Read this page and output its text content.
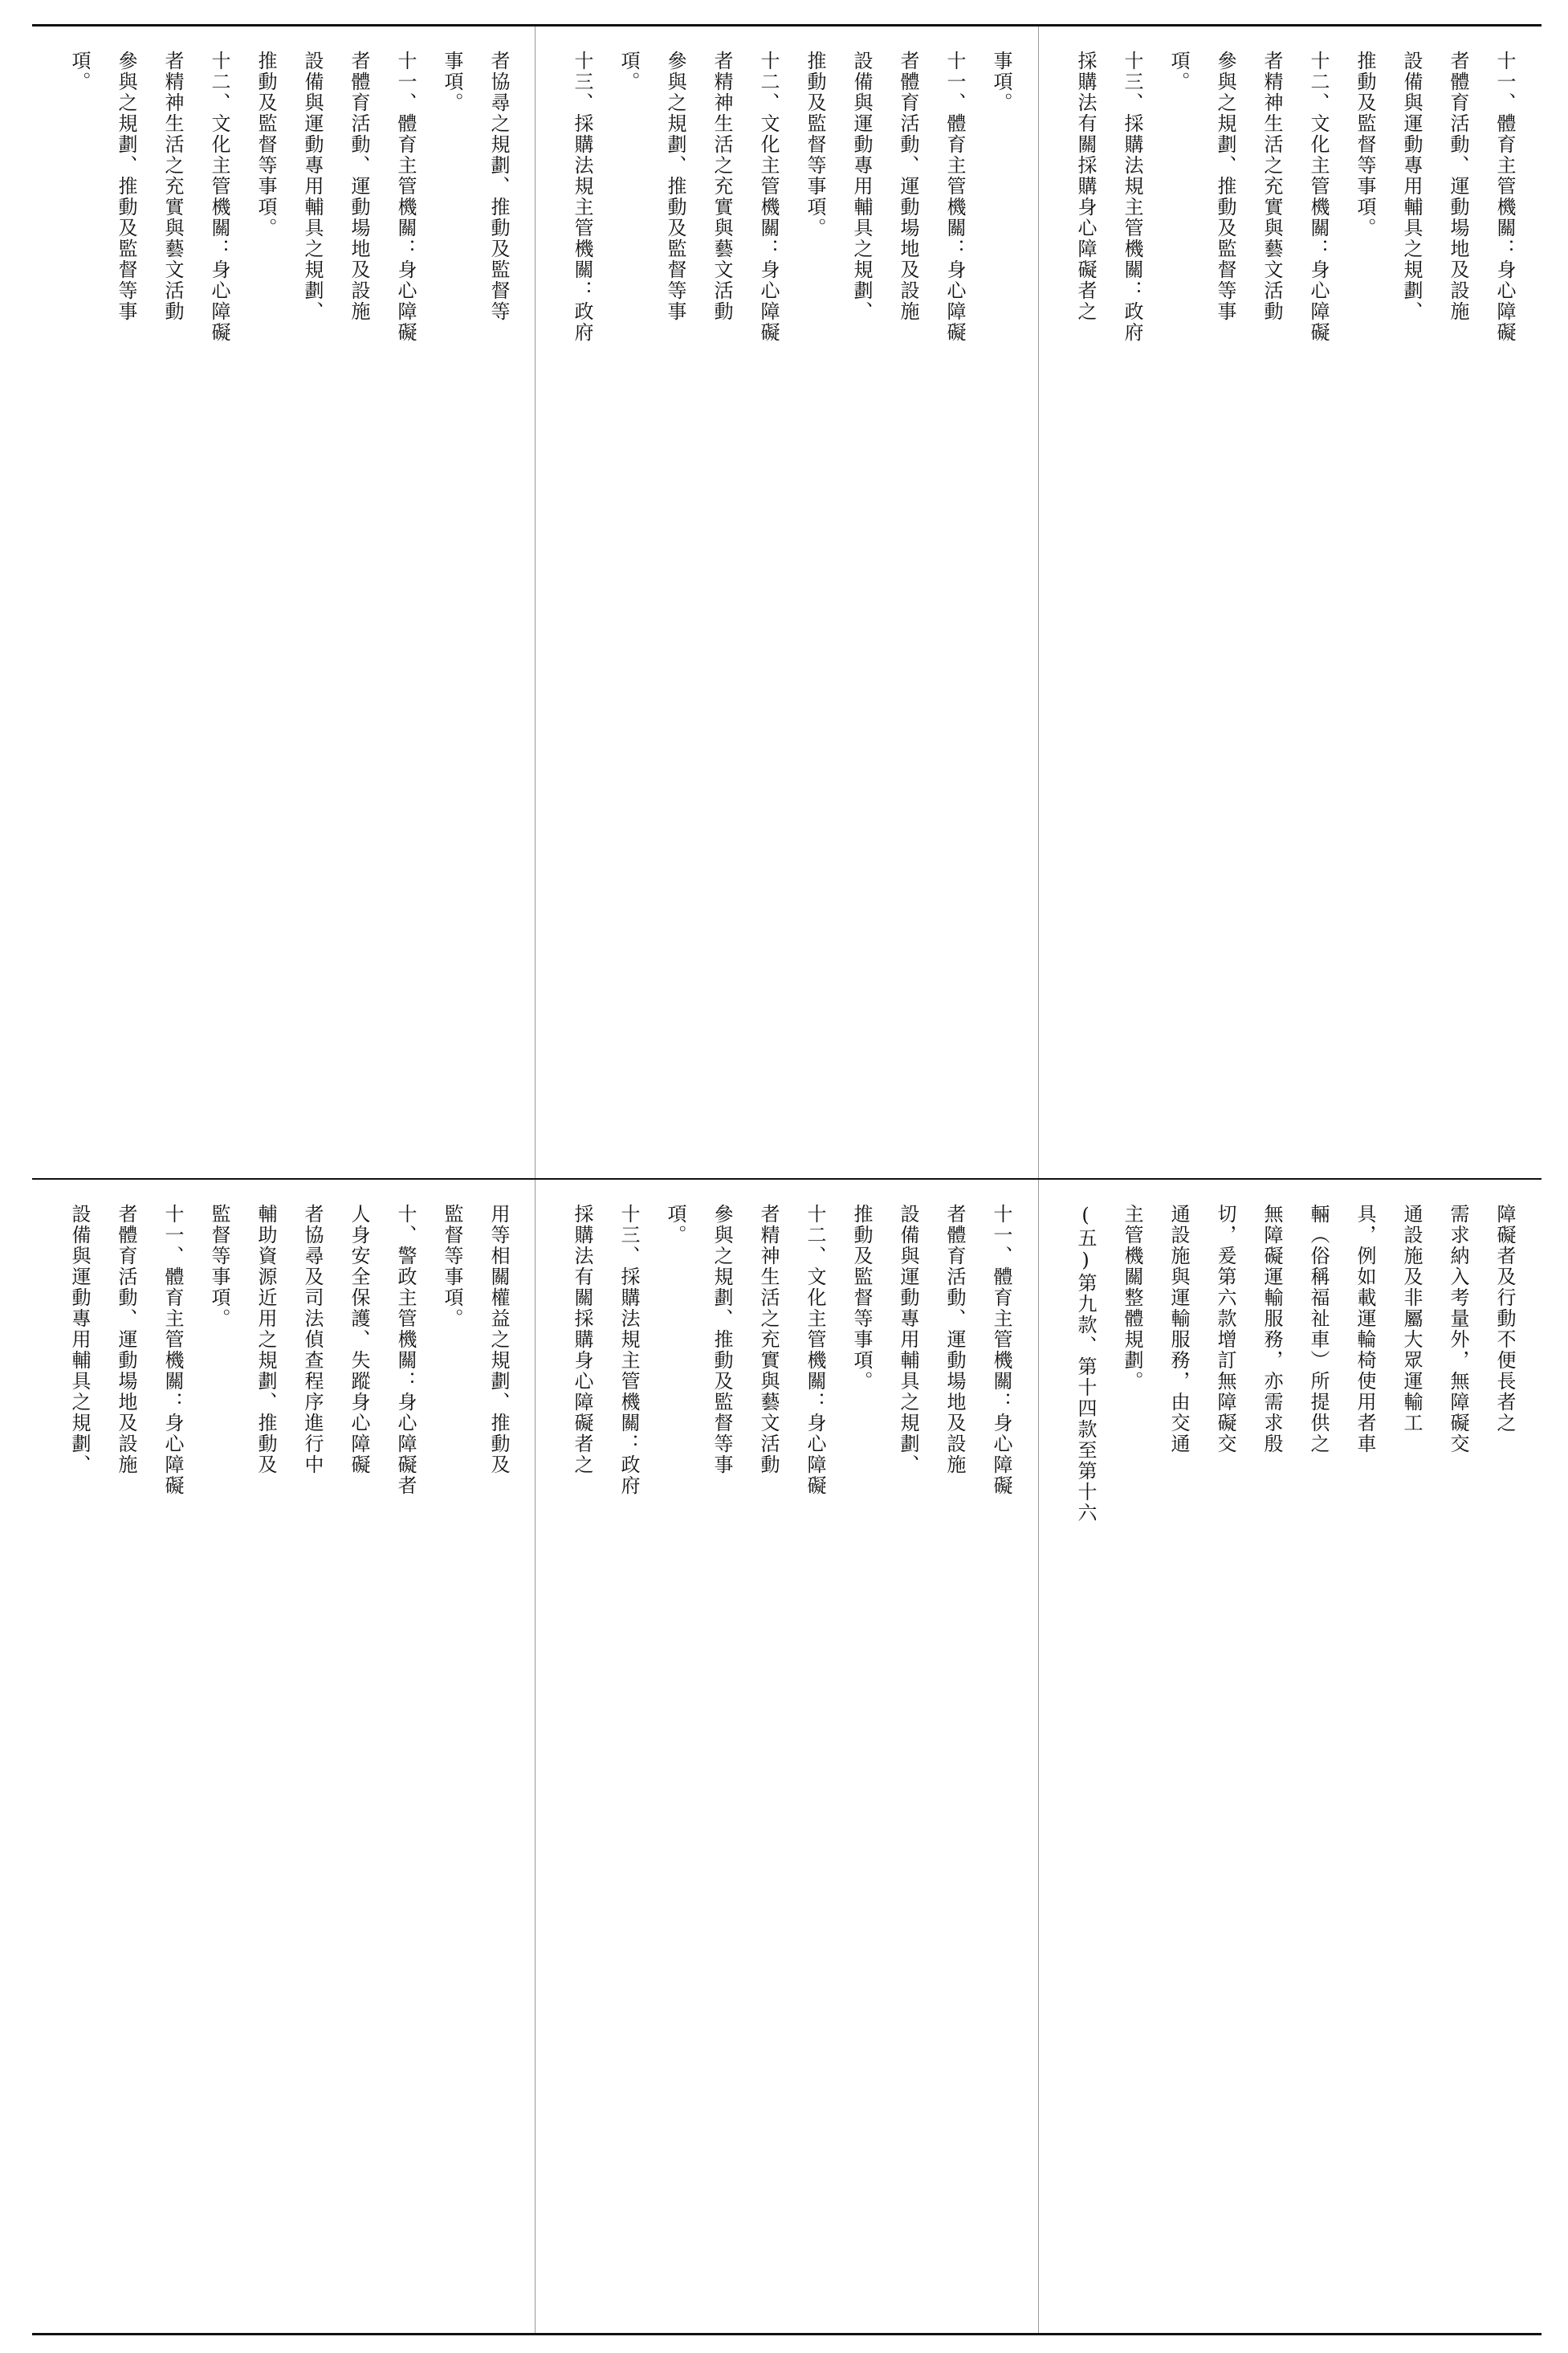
者協尋之規劃、推動及監督等

事項。

十一、體育主管機關：身心障礙

者體育活動、運動場地及設施

設備與運動專用輔具之規劃、

推動及監督等事項。

十二、文化主管機關：身心障礙

者精神生活之充實與藝文活動

參與之規劃、推動及監督等事

項。	事項。

十一、體育主管機關：身心障礙

者體育活動、運動場地及設施

設備與運動專用輔具之規劃、

推動及監督等事項。

十二、文化主管機關：身心障礙

者精神生活之充實與藝文活動

參與之規劃、推動及監督等事

項。

十三、採購法規主管機關：政府	十一、體育主管機關：身心障礙

者體育活動、運動場地及設施

設備與運動專用輔具之規劃、

推動及監督等事項。

十二、文化主管機關：身心障礙

者精神生活之充實與藝文活動

參與之規劃、推動及監督等事

項。

十三、採購法規主管機關：政府

採購法有關採購身心障礙者之

用等相關權益之規劃、推動及

監督等事項。

十、警政主管機關：身心障礙者

人身安全保護、失蹤身心障礙

者協尋及司法偵查程序進行中

輔助資源近用之規劃、推動及

監督等事項。

十一、體育主管機關：身心障礙

者體育活動、運動場地及設施

設備與運動專用輔具之規劃、	十一、體育主管機關：身心障礙

者體育活動、運動場地及設施

設備與運動專用輔具之規劃、

推動及監督等事項。

十二、文化主管機關：身心障礙

者精神生活之充實與藝文活動

參與之規劃、推動及監督等事

項。

十三、採購法規主管機關：政府

採購法有關採購身心障礙者之	障礙者及行動不便長者之

需求納入考量外，無障礙交

通設施及非屬大眾運輸工

具，例如載運輪椅使用者車

輛（俗稱福祉車）所提供之

無障礙運輸服務，亦需求殷

切，爰第六款增訂無障礙交

通設施與運輸服務，由交通

主管機關整體規劃。

(五)第九款、第十四款至第十六
